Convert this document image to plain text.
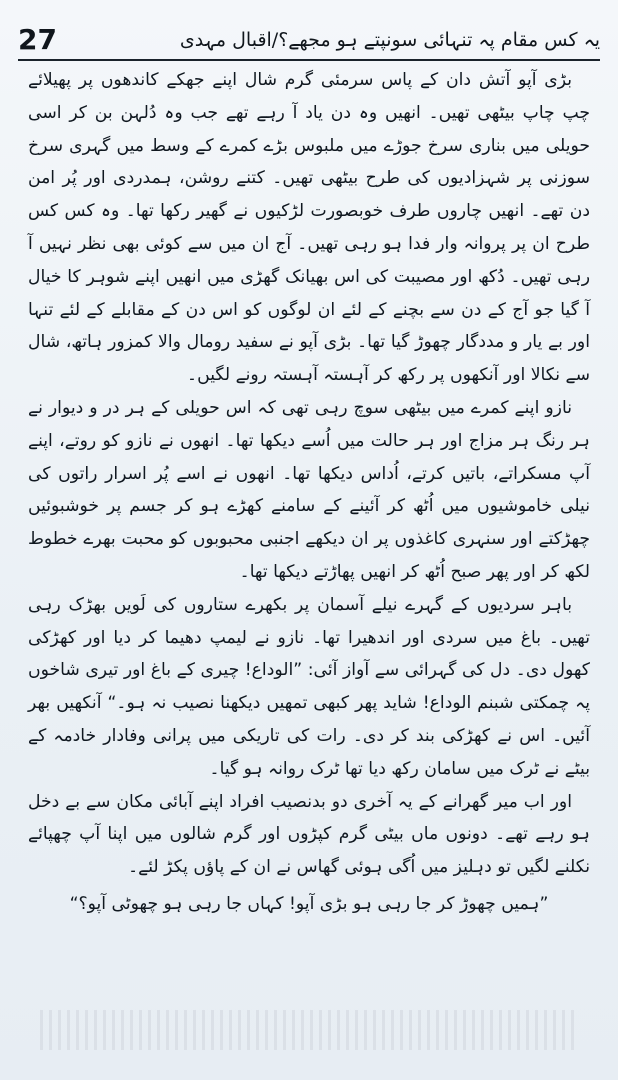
27	یہ کس مقام پہ تنہائی سونپتے ہو مجھے؟/اقبال مہدی

بڑی آپو آتش دان کے پاس سرمئی گرم شال اپنے جھکے کاندھوں پر پھیلائے چپ چاپ بیٹھی تھیں۔ انھیں وہ دن یاد آ رہے تھے جب وہ دُلہن بن کر اسی حویلی میں بناری سرخ جوڑے میں ملبوس بڑے کمرے کے وسط میں گہری سرخ سوزنی پر شہزادیوں کی طرح بیٹھی تھیں۔ کتنے روشن، ہمدردی اور پُر امن دن تھے۔ انھیں چاروں طرف خوبصورت لڑکیوں نے گھیر رکھا تھا۔ وہ کس کس طرح ان پر پروانہ وار فدا ہو رہی تھیں۔ آج ان میں سے کوئی بھی نظر نہیں آ رہی تھیں۔ دُکھ اور مصیبت کی اس بھیانک گھڑی میں انھیں اپنے شوہر کا خیال آ گیا جو آج کے دن سے بچنے کے لئے ان لوگوں کو اس دن کے مقابلے کے لئے تنہا اور بے یار و مددگار چھوڑ گیا تھا۔ بڑی آپو نے سفید رومال والا کمزور ہاتھ، شال سے نکالا اور آنکھوں پر رکھ کر آہستہ آہستہ رونے لگیں۔

نازو اپنے کمرے میں بیٹھی سوچ رہی تھی کہ اس حویلی کے ہر در و دیوار نے ہر رنگ ہر مزاج اور ہر حالت میں اُسے دیکھا تھا۔ انھوں نے نازو کو روتے، اپنے آپ مسکراتے، باتیں کرتے، اُداس دیکھا تھا۔ انھوں نے اسے پُر اسرار راتوں کی نیلی خاموشیوں میں اُٹھ کر آئینے کے سامنے کھڑے ہو کر جسم پر خوشبوئیں چھڑکتے اور سنہری کاغذوں پر ان دیکھے اجنبی محبوبوں کو محبت بھرے خطوط لکھ کر اور پھر صبح اُٹھ کر انھیں پھاڑتے دیکھا تھا۔

باہر سردیوں کے گہرے نیلے آسمان پر بکھرے ستاروں کی لَویں بھڑک رہی تھیں۔ باغ میں سردی اور اندھیرا تھا۔ نازو نے لیمپ دھیما کر دیا اور کھڑکی کھول دی۔ دل کی گہرائی سے آواز آئی: ”الوداع! چیری کے باغ اور تیری شاخوں پہ چمکتی شبنم الوداع! شاید پھر کبھی تمھیں دیکھنا نصیب نہ ہو۔“ آنکھیں بھر آئیں۔ اس نے کھڑکی بند کر دی۔ رات کی تاریکی میں پرانی وفادار خادمہ کے بیٹے نے ٹرک میں سامان رکھ دیا تھا ٹرک روانہ ہو گیا۔

اور اب میر گھرانے کے یہ آخری دو بدنصیب افراد اپنے آبائی مکان سے بے دخل ہو رہے تھے۔ دونوں ماں بیٹی گرم کپڑوں اور گرم شالوں میں اپنا آپ چھپائے نکلنے لگیں تو دہلیز میں اُگی ہوئی گھاس نے ان کے پاؤں پکڑ لئے۔

”ہمیں چھوڑ کر جا رہی ہو بڑی آپو! کہاں جا رہی ہو چھوٹی آپو؟“
